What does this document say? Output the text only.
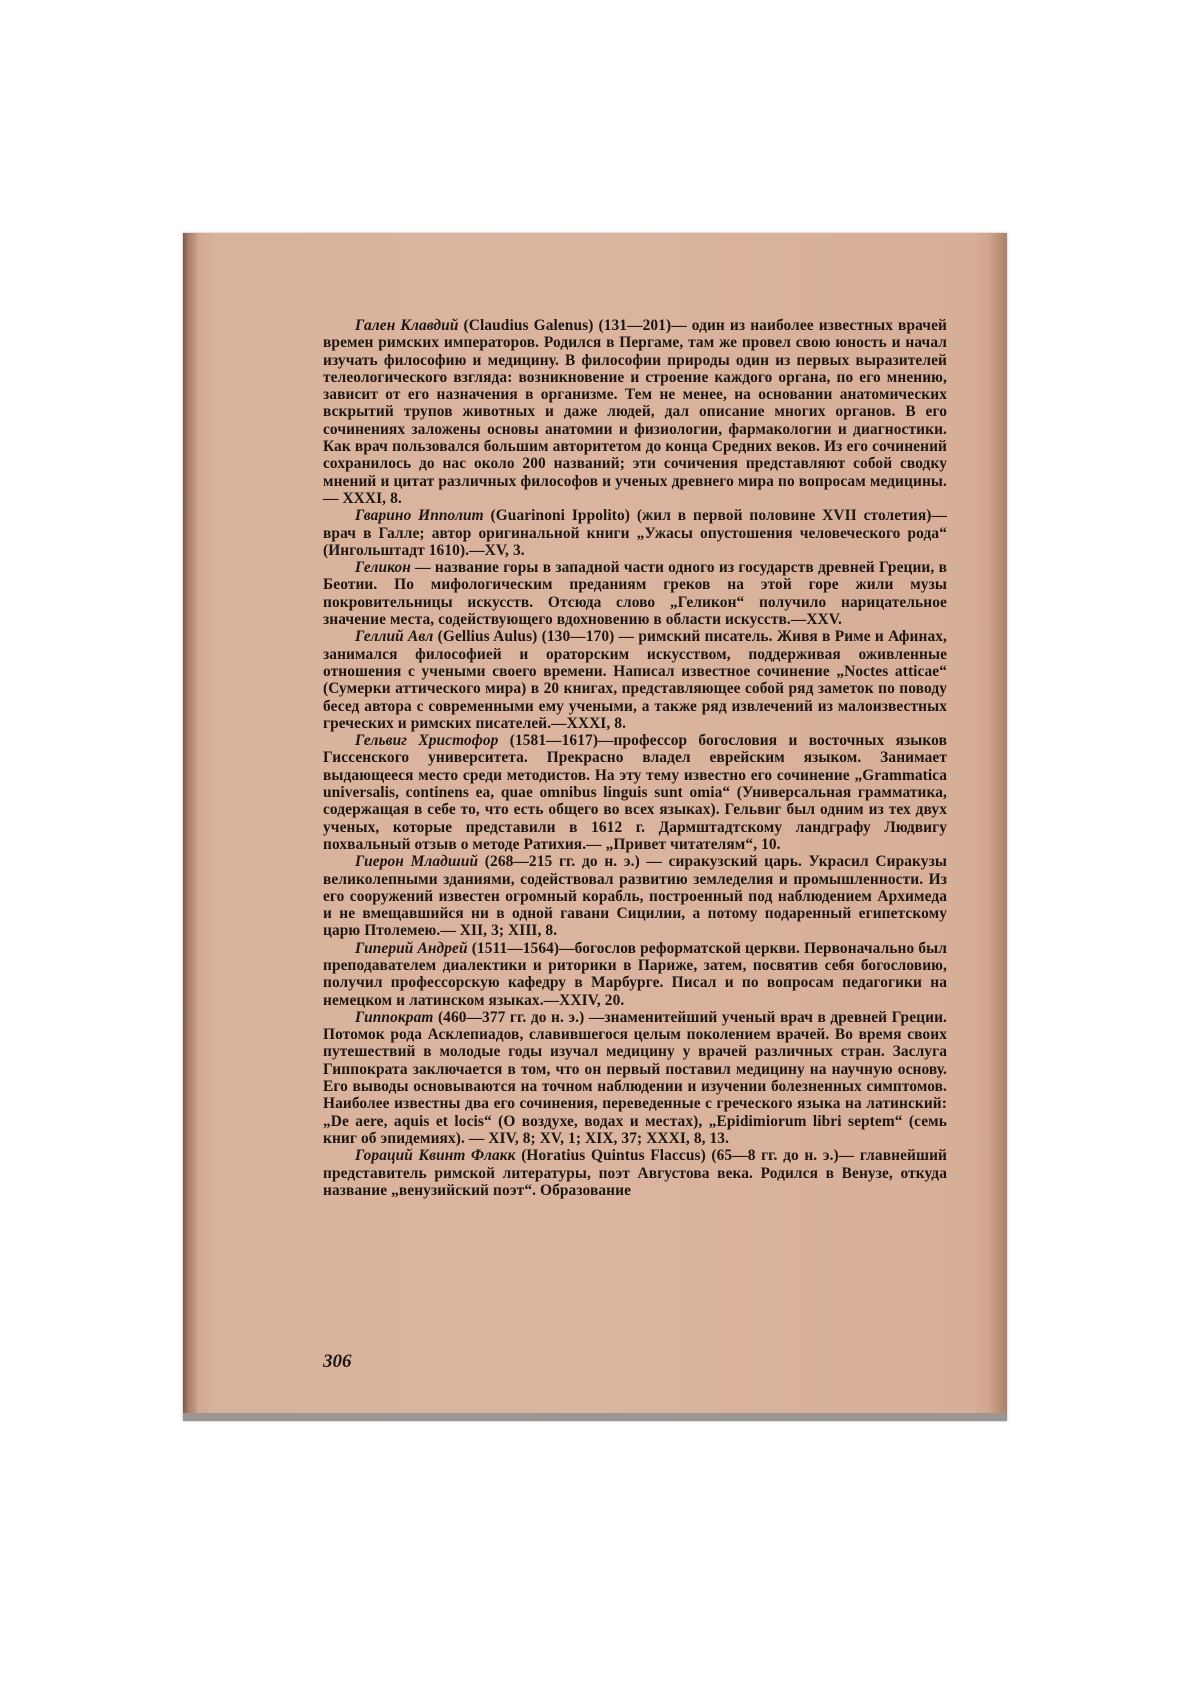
Гален Клавдий (Claudius Galenus) (131—201)— один из наиболее известных врачей времен римских императоров. Родился в Пергаме, там же провел свою юность и начал изучать философию и медицину. В философии природы один из первых выразителей телеологического взгляда: возникновение и строение каждого органа, по его мнению, зависит от его назначения в организме. Тем не менее, на основании анатомических вскрытий трупов животных и даже людей, дал описание многих органов. В его сочинениях заложены основы анатомии и физиологии, фармакологии и диагностики. Как врач пользовался большим авторитетом до конца Средних веков. Из его сочинений сохранилось до нас около 200 названий; эти сочичения представляют собой сводку мнений и цитат различных философов и ученых древнего мира по вопросам медицины.— XXXI, 8.

Гварино Ипполит (Guarinoni Ippolito) (жил в первой половине XVII столетия)— врач в Галле; автор оригинальной книги „Ужасы опустошения человеческого рода“ (Ингольштадт 1610).—XV, 3.

Геликон — название горы в западной части одного из государств древней Греции, в Беотии. По мифологическим преданиям греков на этой горе жили музы покровительницы искусств. Отсюда слово „Геликон“ получило нарицательное значение места, содействующего вдохновению в области искусств.—XXV.

Геллий Авл (Gellius Aulus) (130—170) — римский писатель. Живя в Риме и Афинах, занимался философией и ораторским искусством, поддерживая оживленные отношения с учеными своего времени. Написал известное сочинение „Noctes atticae“ (Сумерки аттического мира) в 20 книгах, представляющее собой ряд заметок по поводу бесед автора с современными ему учеными, а также ряд извлечений из малоизвестных греческих и римских писателей.—XXXI, 8.

Гельвиг Христофор (1581—1617)—профессор богословия и восточных языков Гиссенского университета. Прекрасно владел еврейским языком. Занимает выдающееся место среди методистов. На эту тему известно его сочинение „Grammatica universalis, continens ea, quae omnibus linguis sunt omia“ (Универсальная грамматика, содержащая в себе то, что есть общего во всех языках). Гельвиг был одним из тех двух ученых, которые представили в 1612 г. Дармштадтскому ландграфу Людвигу похвальный отзыв о методе Ратихия.— „Привет читателям“, 10.

Гиерон Младший (268—215 гг. до н. э.) — сиракузский царь. Украсил Сиракузы великолепными зданиями, содействовал развитию земледелия и промышленности. Из его сооружений известен огромный корабль, построенный под наблюдением Архимеда и не вмещавшийся ни в одной гавани Сицилии, а потому подаренный египетскому царю Птолемею.— XII, 3; XIII, 8.

Гиперий Андрей (1511—1564)—богослов реформатской церкви. Первоначально был преподавателем диалектики и риторики в Париже, затем, посвятив себя богословию, получил профессорскую кафедру в Марбурге. Писал и по вопросам педагогики на немецком и латинском языках.—XXIV, 20.

Гиппократ (460—377 гг. до н. э.) —знаменитейший ученый врач в древней Греции. Потомок рода Асклепиадов, славившегося целым поколением врачей. Во время своих путешествий в молодые годы изучал медицину у врачей различных стран. Заслуга Гиппократа заключается в том, что он первый поставил медицину на научную основу. Его выводы основываются на точном наблюдении и изучении болезненных симптомов. Наиболее известны два его сочинения, переведенные с греческого языка на латинский: „De aere, aquis et locis“ (О воздухе, водах и местах), „Epidimiorum libri septem“ (семь книг об эпидемиях). — XIV, 8; XV, 1; XIX, 37; XXXI, 8, 13.

Гораций Квинт Флакк (Horatius Quintus Flaccus) (65—8 гг. до н. э.)— главнейший представитель римской литературы, поэт Августова века. Родился в Венузе, откуда название „венузийский поэт“. Образование

306
